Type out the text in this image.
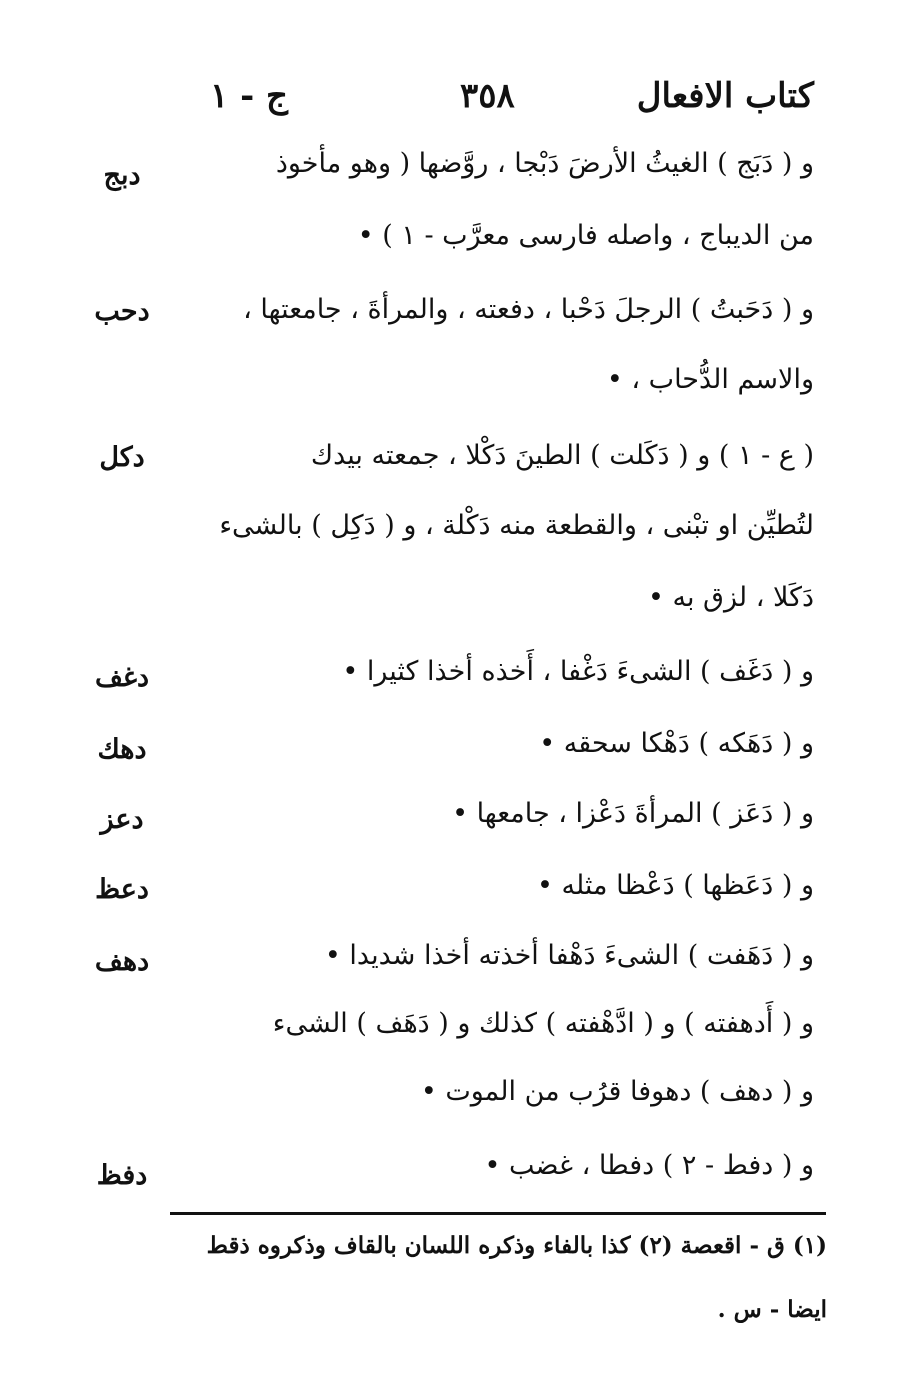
كتاب الافعال
٣٥٨
ج - ١
دبج	و ( دَبَج ) الغيثُ الأرضَ دَبْجا ، روَّضها ( وهو مأخوذ
من الديباج ، واصله فارسى معرَّب - ١ ) •
دحب	و ( دَحَبتُ ) الرجلَ دَحْبا ، دفعته ، والمرأةَ ، جامعتها ،
والاسم الدُّحاب ، •
دكل	( ع - ١ ) و ( دَكَلت ) الطينَ دَكْلا ، جمعته بيدك
لتُطيِّن او تبْنى ، والقطعة منه دَكْلة ، و ( دَكِل ) بالشىء
دَكَلا ، لزق به •
دغف	و ( دَغَف ) الشىءَ دَغْفا ، أَخذه أخذا كثيرا •
دهك	و ( دَهَكه ) دَهْكا سحقه •
دعز	و ( دَعَز ) المرأةَ دَعْزا ، جامعها •
دعظ	و ( دَعَظها ) دَعْظا مثله •
دهف	و ( دَهَفت ) الشىءَ دَهْفا أخذته أخذا شديدا •
و ( أَدهفته ) و ( ادَّهْفته ) كذلك و ( دَهَف ) الشىء
و ( دهف ) دهوفا قرُب من الموت •
دفظ	و ( دفط - ٢ ) دفطا ، غضب •
(١) ق - اقعصة (٢) كذا بالفاء وذكره اللسان بالقاف وذكروه ذقط
ايضا - س .
